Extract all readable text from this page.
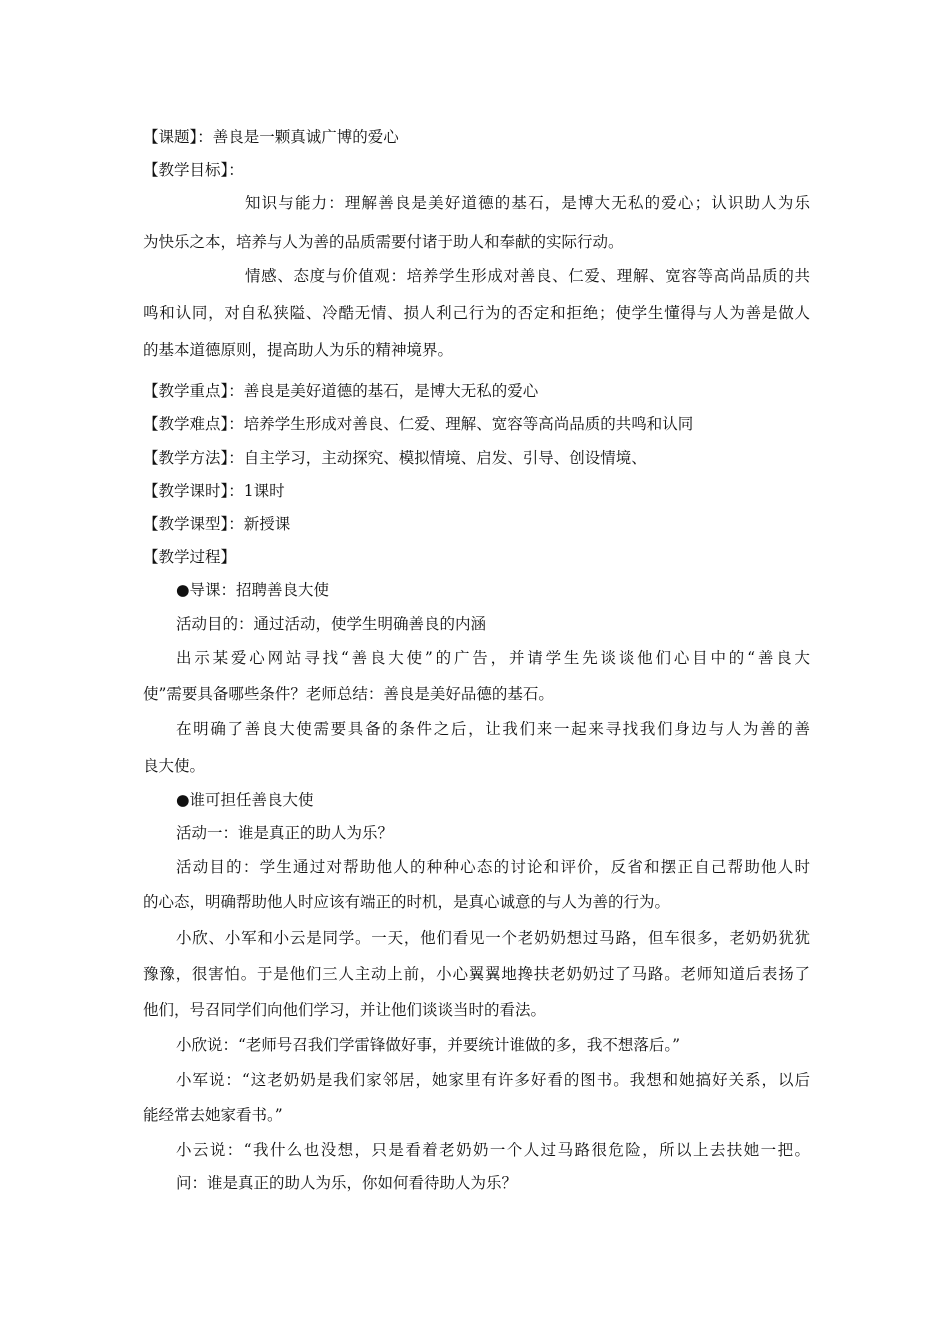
【课题】：善良是一颗真诚广博的爱心
【教学目标】：
知识与能力：理解善良是美好道德的基石，是博大无私的爱心；认识助人为乐
为快乐之本，培养与人为善的品质需要付诸于助人和奉献的实际行动。
情感、态度与价值观：培养学生形成对善良、仁爱、理解、宽容等高尚品质的共
鸣和认同，对自私狭隘、冷酷无情、损人利己行为的否定和拒绝；使学生懂得与人为善是做人
的基本道德原则，提高助人为乐的精神境界。
【教学重点】：善良是美好道德的基石，是博大无私的爱心
【教学难点】：培养学生形成对善良、仁爱、理解、宽容等高尚品质的共鸣和认同
【教学方法】：自主学习，主动探究、模拟情境、启发、引导、创设情境、
【教学课时】：1课时
【教学课型】：新授课
【教学过程】
●导课：招聘善良大使
活动目的：通过活动，使学生明确善良的内涵
出示某爱心网站寻找“善良大使”的广告，并请学生先谈谈他们心目中的“善良大
使”需要具备哪些条件？老师总结：善良是美好品德的基石。
在明确了善良大使需要具备的条件之后，让我们来一起来寻找我们身边与人为善的善
良大使。
●谁可担任善良大使
活动一：谁是真正的助人为乐？
活动目的：学生通过对帮助他人的种种心态的讨论和评价，反省和摆正自己帮助他人时
的心态，明确帮助他人时应该有端正的时机，是真心诚意的与人为善的行为。
小欣、小军和小云是同学。一天，他们看见一个老奶奶想过马路，但车很多，老奶奶犹犹
豫豫，很害怕。于是他们三人主动上前，小心翼翼地搀扶老奶奶过了马路。老师知道后表扬了
他们，号召同学们向他们学习，并让他们谈谈当时的看法。
小欣说：“老师号召我们学雷锋做好事，并要统计谁做的多，我不想落后。”
小军说：“这老奶奶是我们家邻居，她家里有许多好看的图书。我想和她搞好关系，以后
能经常去她家看书。”
小云说：“我什么也没想，只是看着老奶奶一个人过马路很危险，所以上去扶她一把。
问：谁是真正的助人为乐，你如何看待助人为乐？
